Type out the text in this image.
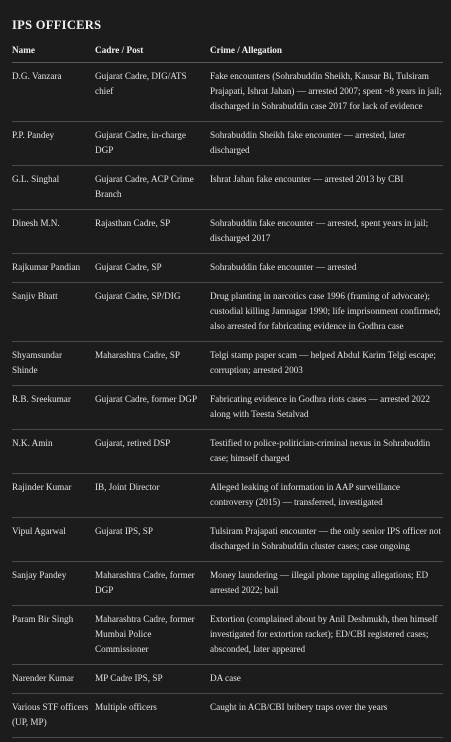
IPS OFFICERS
Name	Cadre / Post	Crime / Allegation
D.G. Vanzara	Gujarat Cadre, DIG/ATS chief	Fake encounters (Sohrabuddin Sheikh, Kausar Bi, Tulsiram Prajapati, Ishrat Jahan) — arrested 2007; spent ~8 years in jail; discharged in Sohrabuddin case 2017 for lack of evidence
P.P. Pandey	Gujarat Cadre, in-charge DGP	Sohrabuddin Sheikh fake encounter — arrested, later discharged
G.L. Singhal	Gujarat Cadre, ACP Crime Branch	Ishrat Jahan fake encounter — arrested 2013 by CBI
Dinesh M.N.	Rajasthan Cadre, SP	Sohrabuddin fake encounter — arrested, spent years in jail; discharged 2017
Rajkumar Pandian	Gujarat Cadre, SP	Sohrabuddin fake encounter — arrested
Sanjiv Bhatt	Gujarat Cadre, SP/DIG	Drug planting in narcotics case 1996 (framing of advocate); custodial killing Jamnagar 1990; life imprisonment confirmed; also arrested for fabricating evidence in Godhra case
Shyamsundar Shinde	Maharashtra Cadre, SP	Telgi stamp paper scam — helped Abdul Karim Telgi escape; corruption; arrested 2003
R.B. Sreekumar	Gujarat Cadre, former DGP	Fabricating evidence in Godhra riots cases — arrested 2022 along with Teesta Setalvad
N.K. Amin	Gujarat, retired DSP	Testified to police-politician-criminal nexus in Sohrabuddin case; himself charged
Rajinder Kumar	IB, Joint Director	Alleged leaking of information in AAP surveillance controversy (2015) — transferred, investigated
Vipul Agarwal	Gujarat IPS, SP	Tulsiram Prajapati encounter — the only senior IPS officer not discharged in Sohrabuddin cluster cases; case ongoing
Sanjay Pandey	Maharashtra Cadre, former DGP	Money laundering — illegal phone tapping allegations; ED arrested 2022; bail
Param Bir Singh	Maharashtra Cadre, former Mumbai Police Commissioner	Extortion (complained about by Anil Deshmukh, then himself investigated for extortion racket); ED/CBI registered cases; absconded, later appeared
Narender Kumar	MP Cadre IPS, SP	DA case
Various STF officers (UP, MP)	Multiple officers	Caught in ACB/CBI bribery traps over the years
